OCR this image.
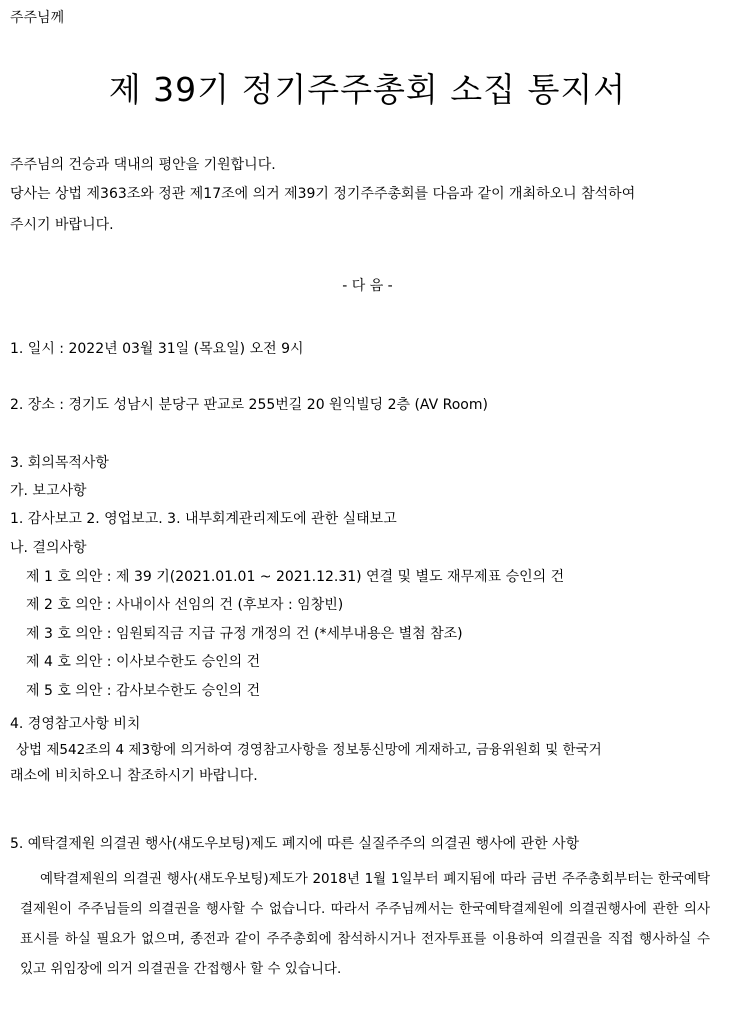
주주님께
제 39기 정기주주총회 소집 통지서
주주님의 건승과 댁내의 평안을 기원합니다.
당사는 상법 제363조와 정관 제17조에 의거 제39기 정기주주총회를 다음과 같이 개최하오니 참석하여
주시기 바랍니다.
- 다 음 -
1. 일시 : 2022년 03월 31일 (목요일) 오전 9시
2. 장소 : 경기도 성남시 분당구 판교로 255번길 20 원익빌딩 2층 (AV Room)
3. 회의목적사항
가. 보고사항
1. 감사보고 2. 영업보고. 3. 내부회계관리제도에 관한 실태보고
나. 결의사항
제 1 호 의안 : 제 39 기(2021.01.01 ~ 2021.12.31) 연결 및 별도 재무제표 승인의 건
제 2 호 의안 : 사내이사 선임의 건 (후보자 : 임창빈)
제 3 호 의안 : 임원퇴직금 지급 규정 개정의 건 (*세부내용은 별첨 참조)
제 4 호 의안 : 이사보수한도 승인의 건
제 5 호 의안 : 감사보수한도 승인의 건
4. 경영참고사항 비치
상법 제542조의 4 제3항에 의거하여 경영참고사항을 정보통신망에 게재하고, 금융위원회 및 한국거
래소에 비치하오니 참조하시기 바랍니다.
5. 예탁결제원 의결권 행사(섀도우보팅)제도 폐지에 따른 실질주주의 의결권 행사에 관한 사항
예탁결제원의 의결권 행사(섀도우보팅)제도가 2018년 1월 1일부터 폐지됨에 따라 금번 주주총회부터는 한국예탁결제원이 주주님들의 의결권을 행사할 수 없습니다. 따라서 주주님께서는 한국예탁결제원에 의결권행사에 관한 의사 표시를 하실 필요가 없으며, 종전과 같이 주주총회에 참석하시거나 전자투표를 이용하여 의결권을 직접 행사하실 수 있고 위임장에 의거 의결권을 간접행사 할 수 있습니다.
